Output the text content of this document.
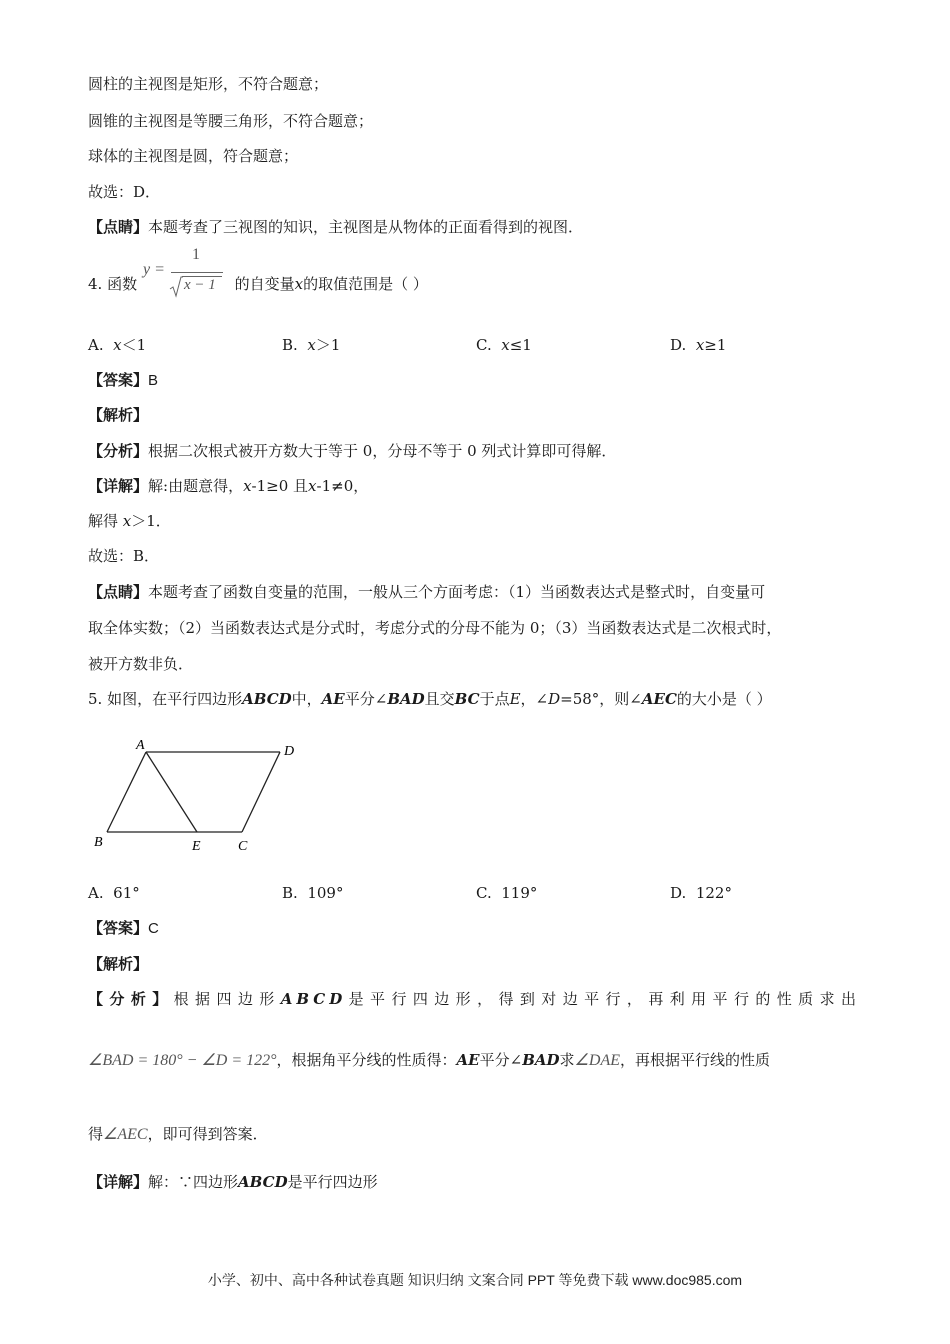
圆柱的主视图是矩形，不符合题意；
圆锥的主视图是等腰三角形，不符合题意；
球体的主视图是圆，符合题意；
故选：D．
【点睛】本题考查了三视图的知识，主视图是从物体的正面看得到的视图．
4. 函数	的自变量x的取值范围是（ ）
y =
1
x − 1
A. x＜1	B. x＞1	C. x≤1	D. x≥1
【答案】B
【解析】
【分析】根据二次根式被开方数大于等于 0，分母不等于 0 列式计算即可得解．
【详解】解:由题意得，x-1≥0 且x-1≠0，
解得 x＞1．
故选：B．
【点睛】本题考查了函数自变量的范围，一般从三个方面考虑：（1）当函数表达式是整式时，自变量可
取全体实数；（2）当函数表达式是分式时，考虑分式的分母不能为 0；（3）当函数表达式是二次根式时，
被开方数非负．
5. 如图，在平行四边形ABCD中，AE平分∠BAD且交BC于点E，∠D=58°，则∠AEC的大小是（ ）
A	D
B	E	C
A. 61°	B. 109°	C. 119°	D. 122°
【答案】C
【解析】
【分析】根据四边形ABCD是平行四边形，得到对边平行，再利用平行的性质求出
∠BAD = 180° − ∠D = 122°，根据角平分线的性质得：AE平分∠BAD求∠DAE，再根据平行线的性质
得∠AEC，即可得到答案．
【详解】解：∵四边形ABCD是平行四边形
小学、初中、高中各种试卷真题 知识归纳 文案合同 PPT 等免费下载 www.doc985.com
